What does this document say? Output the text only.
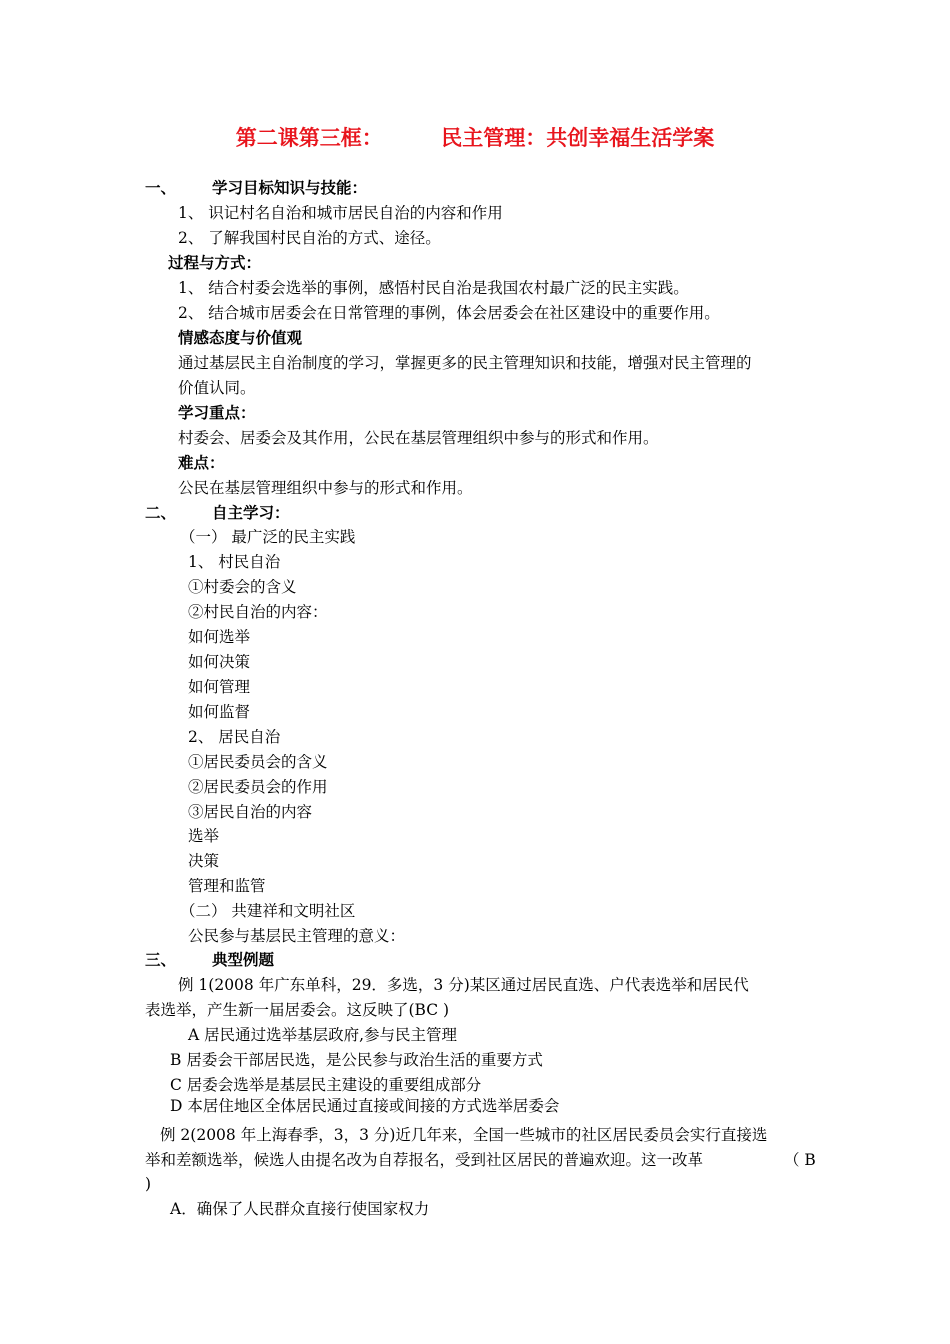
第二课第三框：        民主管理：共创幸福生活学案
一、 学习目标知识与技能：
1、 识记村名自治和城市居民自治的内容和作用
2、 了解我国村民自治的方式、途径。
过程与方式：
1、 结合村委会选举的事例，感悟村民自治是我国农村最广泛的民主实践。
2、 结合城市居委会在日常管理的事例，体会居委会在社区建设中的重要作用。
情感态度与价值观
通过基层民主自治制度的学习，掌握更多的民主管理知识和技能，增强对民主管理的
价值认同。
学习重点：
村委会、居委会及其作用，公民在基层管理组织中参与的形式和作用。
难点：
公民在基层管理组织中参与的形式和作用。
二、 自主学习：
（一） 最广泛的民主实践
1、 村民自治
①村委会的含义
②村民自治的内容：
如何选举
如何决策
如何管理
如何监督
2、 居民自治
①居民委员会的含义
②居民委员会的作用
③居民自治的内容
选举
决策
管理和监管
（二） 共建祥和文明社区
公民参与基层民主管理的意义：
三、 典型例题
例 1(2008 年广东单科，29．多选，3 分)某区通过居民直选、户代表选举和居民代
表选举，产生新一届居委会。这反映了(BC )
A 居民通过选举基层政府,参与民主管理
B 居委会干部居民选，是公民参与政治生活的重要方式
C 居委会选举是基层民主建设的重要组成部分
D 本居住地区全体居民通过直接或间接的方式选举居委会
例 2(2008 年上海春季，3，3 分)近几年来，全国一些城市的社区居民委员会实行直接选
举和差额选举，候选人由提名改为自荐报名，受到社区居民的普遍欢迎。这一改革	（ B
)
A．确保了人民群众直接行使国家权力
